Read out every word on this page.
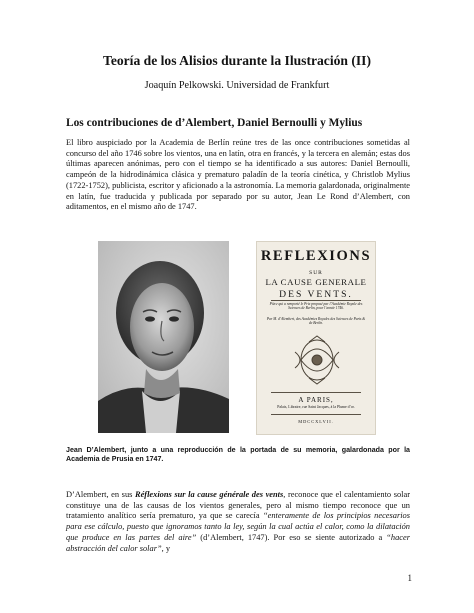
Teoría de los Alisios durante la Ilustración (II)

Joaquín Pelkowski. Universidad de Frankfurt

Los contribuciones de d’Alembert, Daniel Bernoulli y Mylius

El libro auspiciado por la Academia de Berlín reúne tres de las once contribuciones sometidas al concurso del año 1746 sobre los vientos, una en latín, otra en francés, y la tercera en alemán; estas dos últimas aparecen anónimas, pero con el tiempo se ha identificado a sus autores: Daniel Bernoulli, campeón de la hidrodinámica clásica y prematuro paladín de la teoría cinética, y Christlob Mylius (1722-1752), publicista, escritor y aficionado a la astronomía. La memoria galardonada, originalmente en latín, fue traducida y publicada por separado por su autor, Jean Le Rond d’Alembert, con aditamentos, en el mismo año de 1747.

REFLEXIONS
SUR
LA CAUSE GENERALE
DES VENTS.
Pièce qui a remporté le Prix proposé par l’Académie Royale des Sciences de Berlin, pour l’année 1746.
Par M. d’Alembert, des Académies Royales des Sciences de Paris & de Berlin.
A PARIS,
Palais, Libraire, rue Saint Jacques, à la Plume d’or.
MDCCXLVII.

Jean D’Alembert, junto a una reproducción de la portada de su memoria, galardonada por la Academia de Prusia en 1747.

D’Alembert, en sus Réflexions sur la cause générale des vents, reconoce que el calentamiento solar constituye una de las causas de los vientos generales, pero al mismo tiempo reconoce que un tratamiento analítico sería prematuro, ya que se carecía “enteramente de los principios necesarios para ese cálculo, puesto que ignoramos tanto la ley, según la cual actúa el calor, como la dilatación que produce en las partes del aire” (d’Alembert, 1747). Por eso se siente autorizado a “hacer abstracción del calor solar”, y

1
